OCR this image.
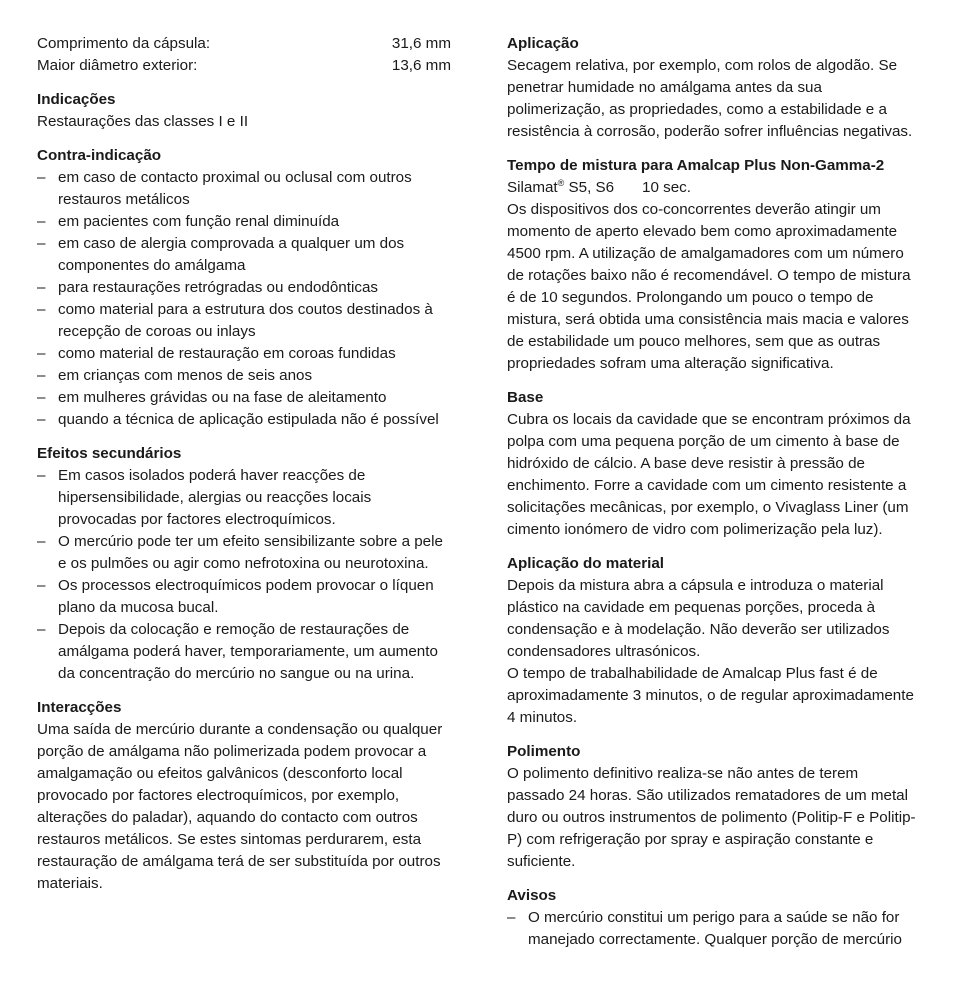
Comprimento da cápsula:	31,6 mm
Maior diâmetro exterior:	13,6 mm
Indicações

Restaurações das classes I e II

Contra-indicação
– em caso de contacto proximal ou oclusal com outros restauros metálicos
– em pacientes com função renal diminuída
– em caso de alergia comprovada a qualquer um dos componentes do amálgama
– para restaurações retrógradas ou endodônticas
– como material para a estrutura dos coutos destinados à recepção de coroas ou inlays
– como material de restauração em coroas fundidas
– em crianças com menos de seis anos
– em mulheres grávidas ou na fase de aleitamento
– quando a técnica de aplicação estipulada não é possível
Efeitos secundários
– Em casos isolados poderá haver reacções de hipersensibilidade, alergias ou reacções locais provocadas por factores electroquímicos.
– O mercúrio pode ter um efeito sensibilizante sobre a pele e os pulmões ou agir como nefrotoxina ou neurotoxina.
– Os processos electroquímicos podem provocar o líquen plano da mucosa bucal.
– Depois da colocação e remoção de restaurações de amálgama poderá haver, temporariamente, um aumento da concentração do mercúrio no sangue ou na urina.
Interacções

Uma saída de mercúrio durante a condensação ou qualquer porção de amálgama não polimerizada podem provocar a amalgamação ou efeitos galvânicos (desconforto local provocado por factores electroquímicos, por exemplo, alterações do paladar), aquando do contacto com outros restauros metálicos. Se estes sintomas perdurarem, esta restauração de amálgama terá de ser substituída por outros materiais.

Aplicação

Secagem relativa, por exemplo, com rolos de algodão. Se penetrar humidade no amálgama antes da sua polimerização, as propriedades, como a estabilidade e a resistência à corrosão, poderão sofrer influências negativas.

Tempo de mistura para Amalcap Plus Non-Gamma-2
Silamat® S5, S6	10 sec.

Os dispositivos dos co-concorrentes deverão atingir um momento de aperto elevado bem como aproximadamente 4500 rpm. A utilização de amalgamadores com um número de rotações baixo não é recomendável. O tempo de mistura é de 10 segundos. Prolongando um pouco o tempo de mistura, será obtida uma consistência mais macia e valores de estabilidade um pouco melhores, sem que as outras propriedades sofram uma alteração significativa.

Base

Cubra os locais da cavidade que se encontram próximos da polpa com uma pequena porção de um cimento à base de hidróxido de cálcio. A base deve resistir à pressão de enchimento. Forre a cavidade com um cimento resistente a solicitações mecânicas, por exemplo, o Vivaglass Liner (um cimento ionómero de vidro com polimerização pela luz).

Aplicação do material

Depois da mistura abra a cápsula e introduza o material plástico na cavidade em pequenas porções, proceda à condensação e à modelação. Não deverão ser utilizados condensadores ultrasónicos.

O tempo de trabalhabilidade de Amalcap Plus fast é de aproximadamente 3 minutos, o de regular aproximadamente 4 minutos.

Polimento

O polimento definitivo realiza-se não antes de terem passado 24 horas. São utilizados rematadores de um metal duro ou outros instrumentos de polimento (Politip-F e Politip-P) com refrigeração por spray e aspiração constante e suficiente.

Avisos
– O mercúrio constitui um perigo para a saúde se não for manejado correctamente. Qualquer porção de mercúrio
